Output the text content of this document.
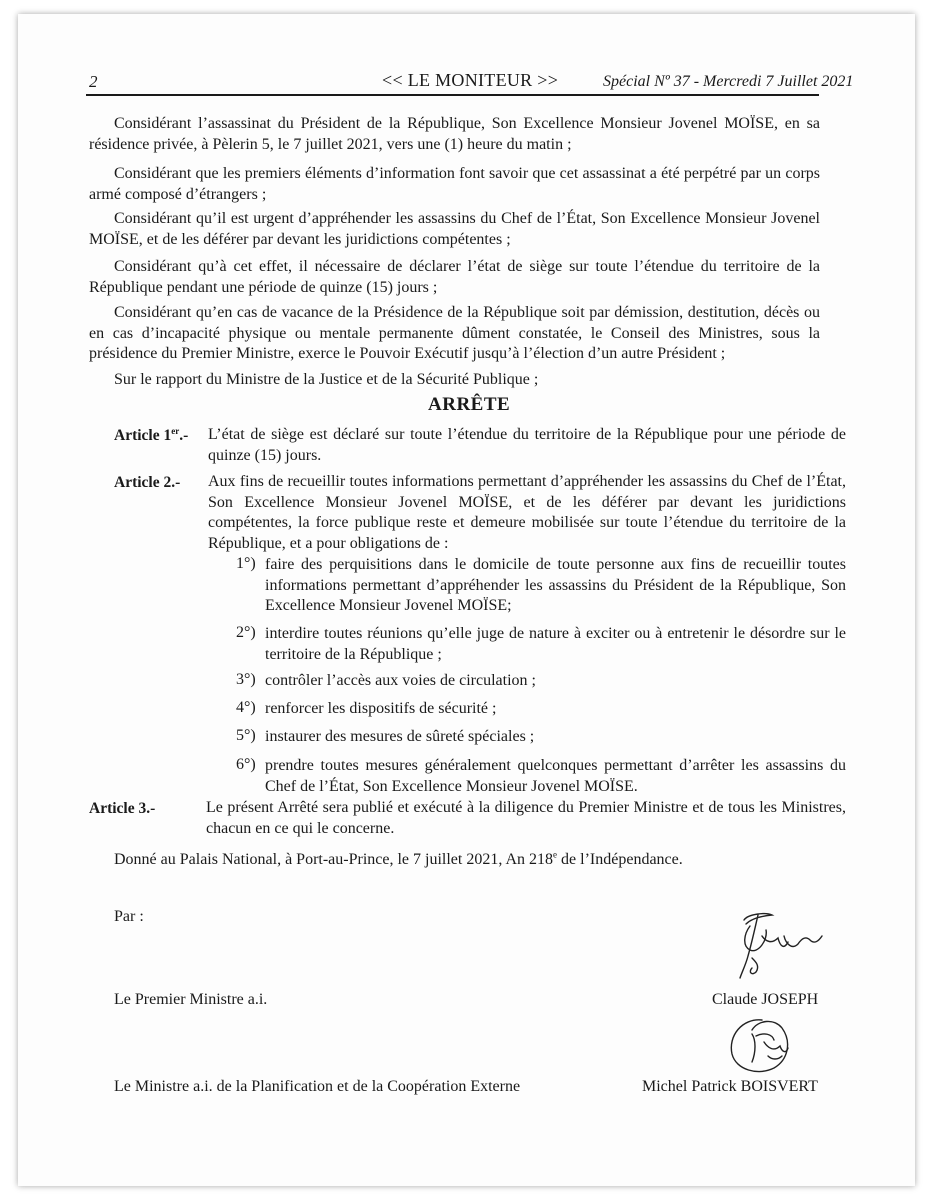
2	<< LE MONITEUR >>	Spécial Nº 37 - Mercredi 7 Juillet 2021
Considérant l’assassinat du Président de la République, Son Excellence Monsieur Jovenel MOÏSE, en sa résidence privée, à Pèlerin 5, le 7 juillet 2021, vers une (1) heure du matin ;
Considérant que les premiers éléments d’information font savoir que cet assassinat a été perpétré par un corps armé composé d’étrangers ;
Considérant qu’il est urgent d’appréhender les assassins du Chef de l’État, Son Excellence Monsieur Jovenel MOÏSE, et de les déférer par devant les juridictions compétentes ;
Considérant qu’à cet effet, il nécessaire de déclarer l’état de siège sur toute l’étendue du territoire de la République pendant une période de quinze (15) jours ;
Considérant qu’en cas de vacance de la Présidence de la République soit par démission, destitution, décès ou en cas d’incapacité physique ou mentale permanente dûment constatée, le Conseil des Ministres, sous la présidence du Premier Ministre, exerce le Pouvoir Exécutif jusqu’à l’élection d’un autre Président ;
Sur le rapport du Ministre de la Justice et de la Sécurité Publique ;
ARRÊTE
Article 1er.- L’état de siège est déclaré sur toute l’étendue du territoire de la République pour une période de quinze (15) jours.
Article 2.- Aux fins de recueillir toutes informations permettant d’appréhender les assassins du Chef de l’État, Son Excellence Monsieur Jovenel MOÏSE, et de les déférer par devant les juridictions compétentes, la force publique reste et demeure mobilisée sur toute l’étendue du territoire de la République, et a pour obligations de :
1°) faire des perquisitions dans le domicile de toute personne aux fins de recueillir toutes informations permettant d’appréhender les assassins du Président de la République, Son Excellence Monsieur Jovenel MOÏSE;
2°) interdire toutes réunions qu’elle juge de nature à exciter ou à entretenir le désordre sur le territoire de la République ;
3°) contrôler l’accès aux voies de circulation ;
4°) renforcer les dispositifs de sécurité ;
5°) instaurer des mesures de sûreté spéciales ;
6°) prendre toutes mesures généralement quelconques permettant d’arrêter les assassins du Chef de l’État, Son Excellence Monsieur Jovenel MOÏSE.
Article 3.-	Le présent Arrêté sera publié et exécuté à la diligence du Premier Ministre et de tous les Ministres, chacun en ce qui le concerne.
Donné au Palais National, à Port-au-Prince, le 7 juillet 2021, An 218e de l’Indépendance.
Par :
Le Premier Ministre a.i.	Claude JOSEPH
Le Ministre a.i. de la Planification et de la Coopération Externe	Michel Patrick BOISVERT
